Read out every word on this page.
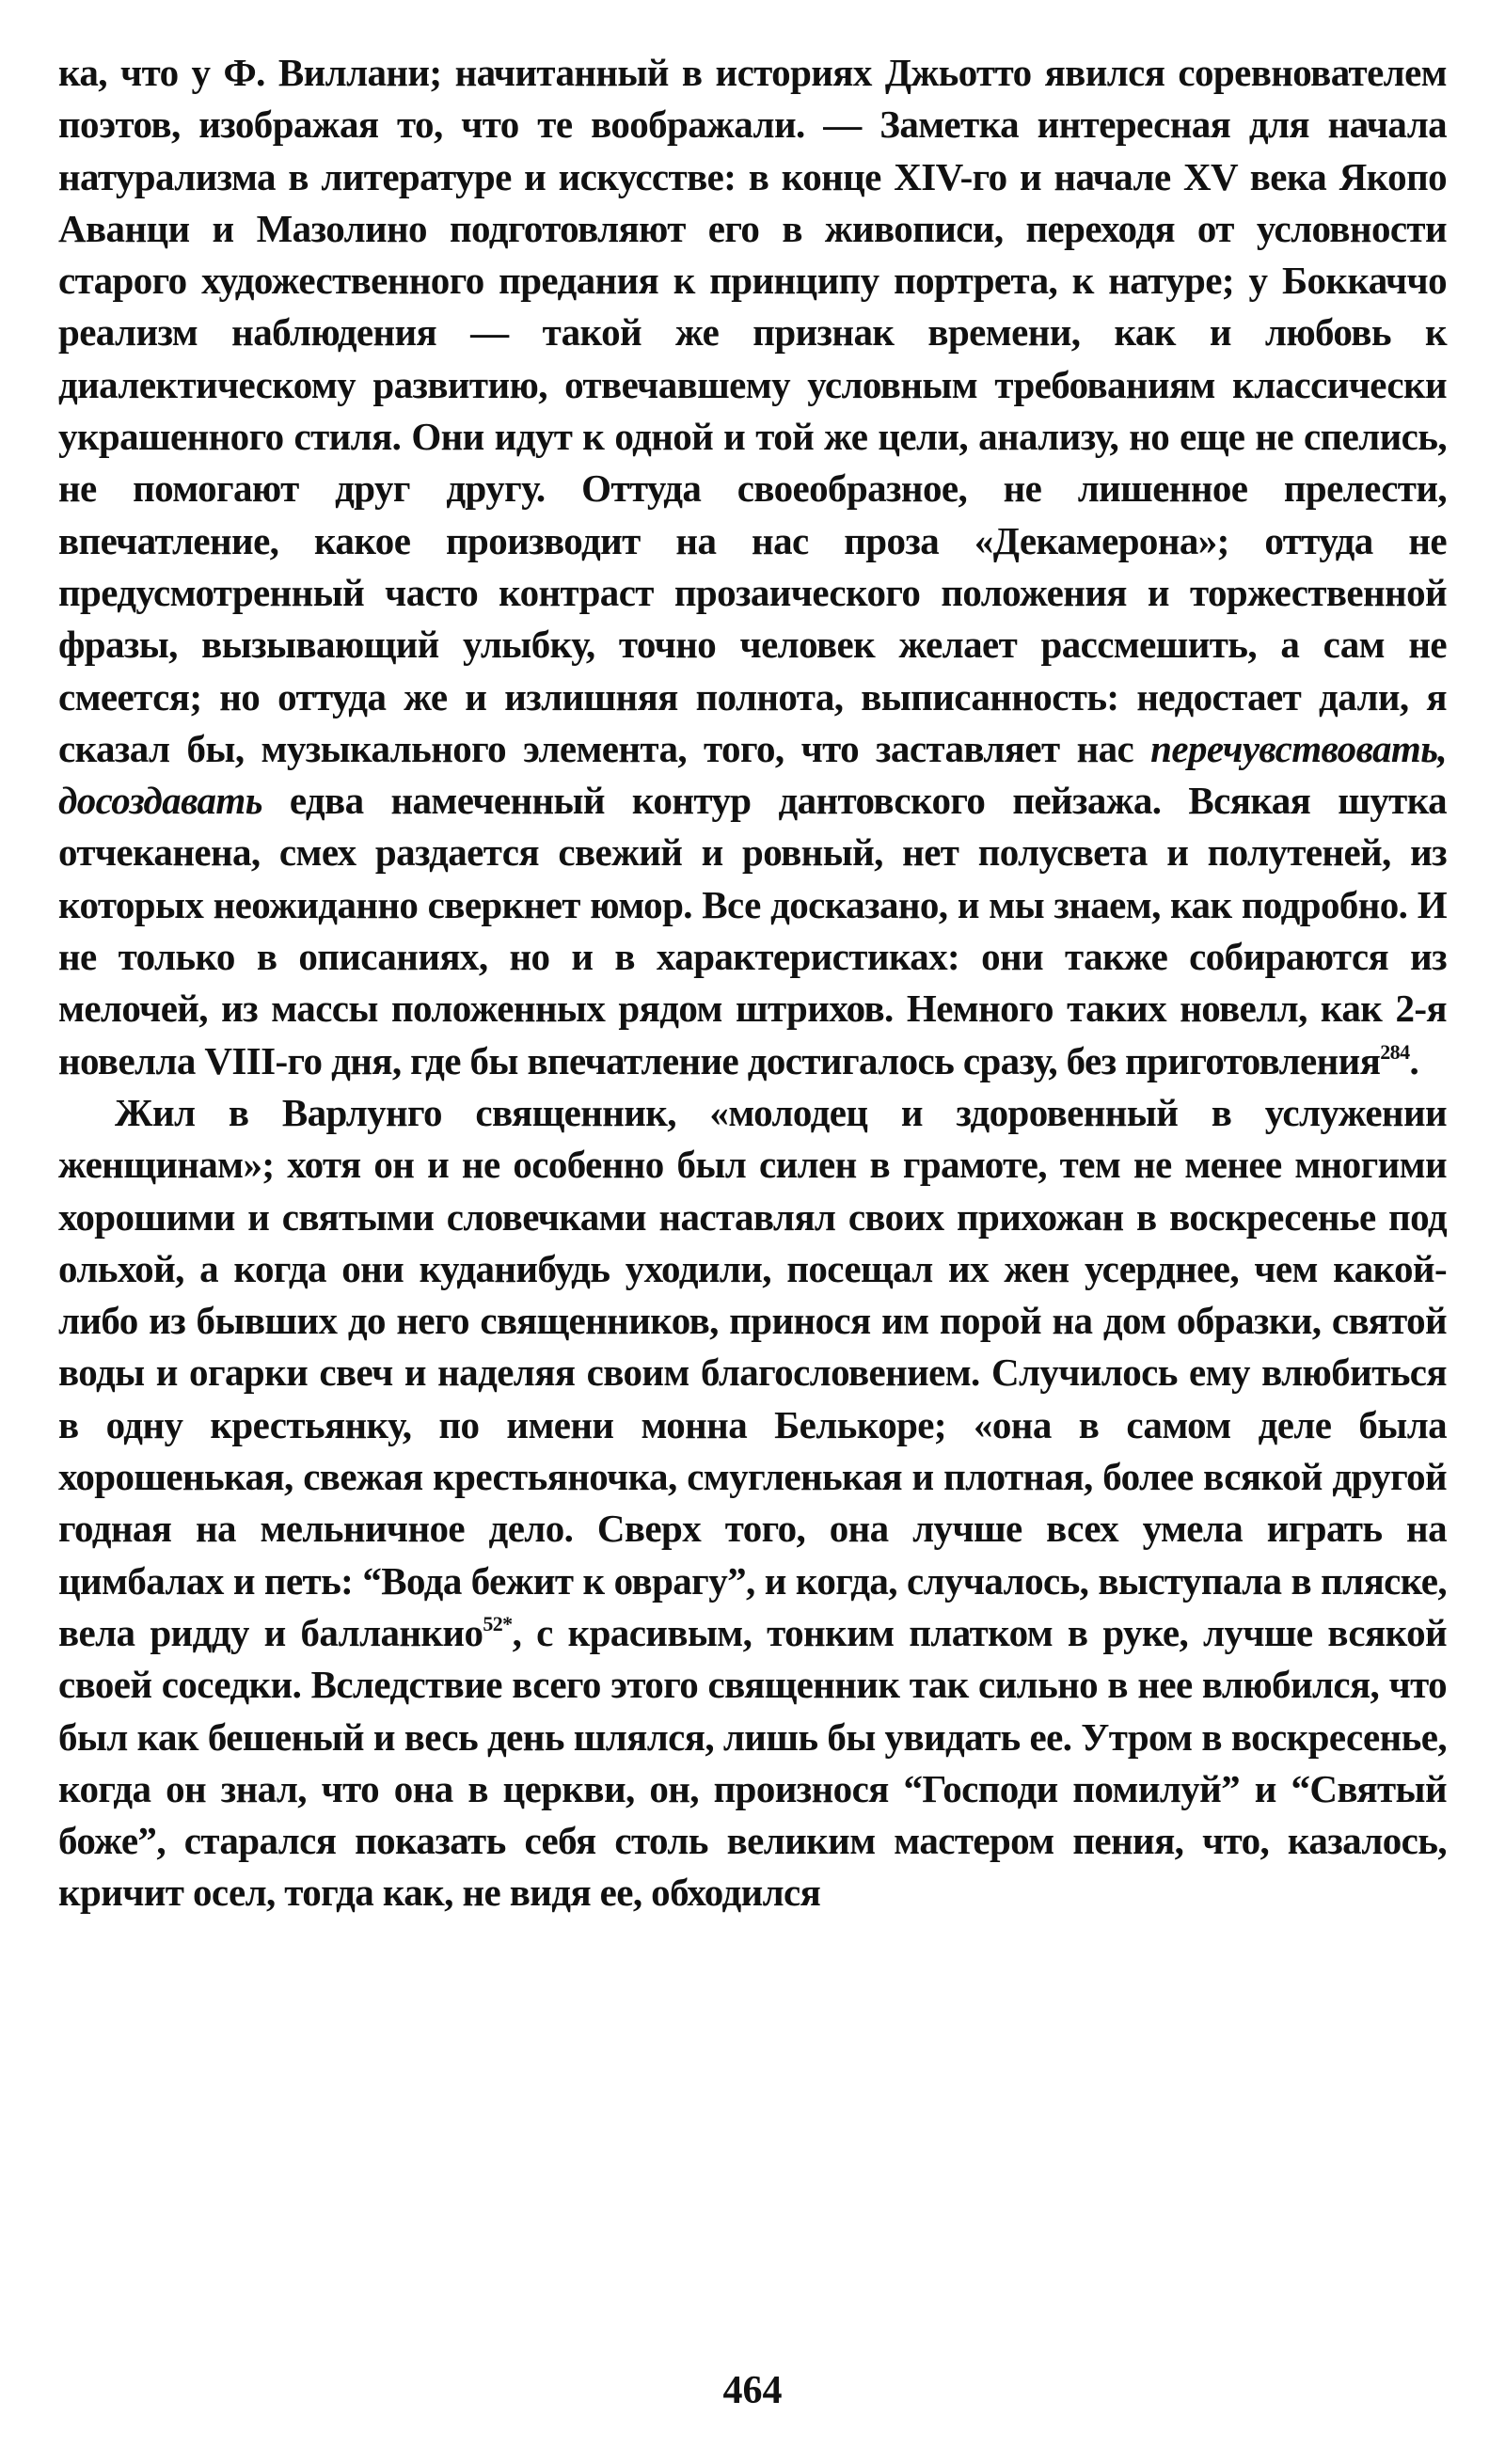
ка, что у Ф. Виллани; начитанный в историях Джьотто явился соревнователем поэтов, изображая то, что те воображали. — Заметка интересная для начала натурализма в литературе и искусстве: в конце XIV-го и начале XV века Якопо Аванци и Мазолино подготовляют его в живописи, переходя от условности старого художественного предания к принципу портрета, к натуре; у Боккаччо реализм наблюдения — такой же признак времени, как и любовь к диалектическому развитию, отвечавшему условным требованиям классически украшенного стиля. Они идут к одной и той же цели, анализу, но еще не спелись, не помогают друг другу. Оттуда своеобразное, не лишенное прелести, впечатление, какое производит на нас проза «Декамерона»; оттуда не предусмотренный часто контраст прозаического положения и торжественной фразы, вызывающий улыбку, точно человек желает рассмешить, а сам не смеется; но оттуда же и излишняя полнота, выписанность: недостает дали, я сказал бы, музыкального элемента, того, что заставляет нас перечувствовать, досоздавать едва намеченный контур дантовского пейзажа. Всякая шутка отчеканена, смех раздается свежий и ровный, нет полусвета и полутеней, из которых неожиданно сверкнет юмор. Все досказано, и мы знаем, как подробно. И не только в описаниях, но и в характеристиках: они также собираются из мелочей, из массы положенных рядом штрихов. Немного таких новелл, как 2-я новелла VIII-го дня, где бы впечатление достигалось сразу, без приготовления$^{284}$.

Жил в Варлунго священник, «молодец и здоровенный в услужении женщинам»; хотя он и не особенно был силен в грамоте, тем не менее многими хорошими и святыми словечками наставлял своих прихожан в воскресенье под ольхой, а когда они куданибудь уходили, посещал их жен усерднее, чем какой-либо из бывших до него священников, принося им порой на дом образки, святой воды и огарки свеч и наделяя своим благословением. Случилось ему влюбиться в одну крестьянку, по имени монна Белькоре; «она в самом деле была хорошенькая, свежая крестьяночка, смугленькая и плотная, более всякой другой годная на мельничное дело. Сверх того, она лучше всех умела играть на цимбалах и петь: “Вода бежит к оврагу”, и когда, случалось, выступала в пляске, вела ридду и балланкио$^{52*}$, с красивым, тонким платком в руке, лучше всякой своей соседки. Вследствие всего этого священник так сильно в нее влюбился, что был как бешеный и весь день шлялся, лишь бы увидать ее. Утром в воскресенье, когда он знал, что она в церкви, он, произнося “Господи помилуй” и “Святый боже”, старался показать себя столь великим мастером пения, что, казалось, кричит осел, тогда как, не видя ее, обходился

464
